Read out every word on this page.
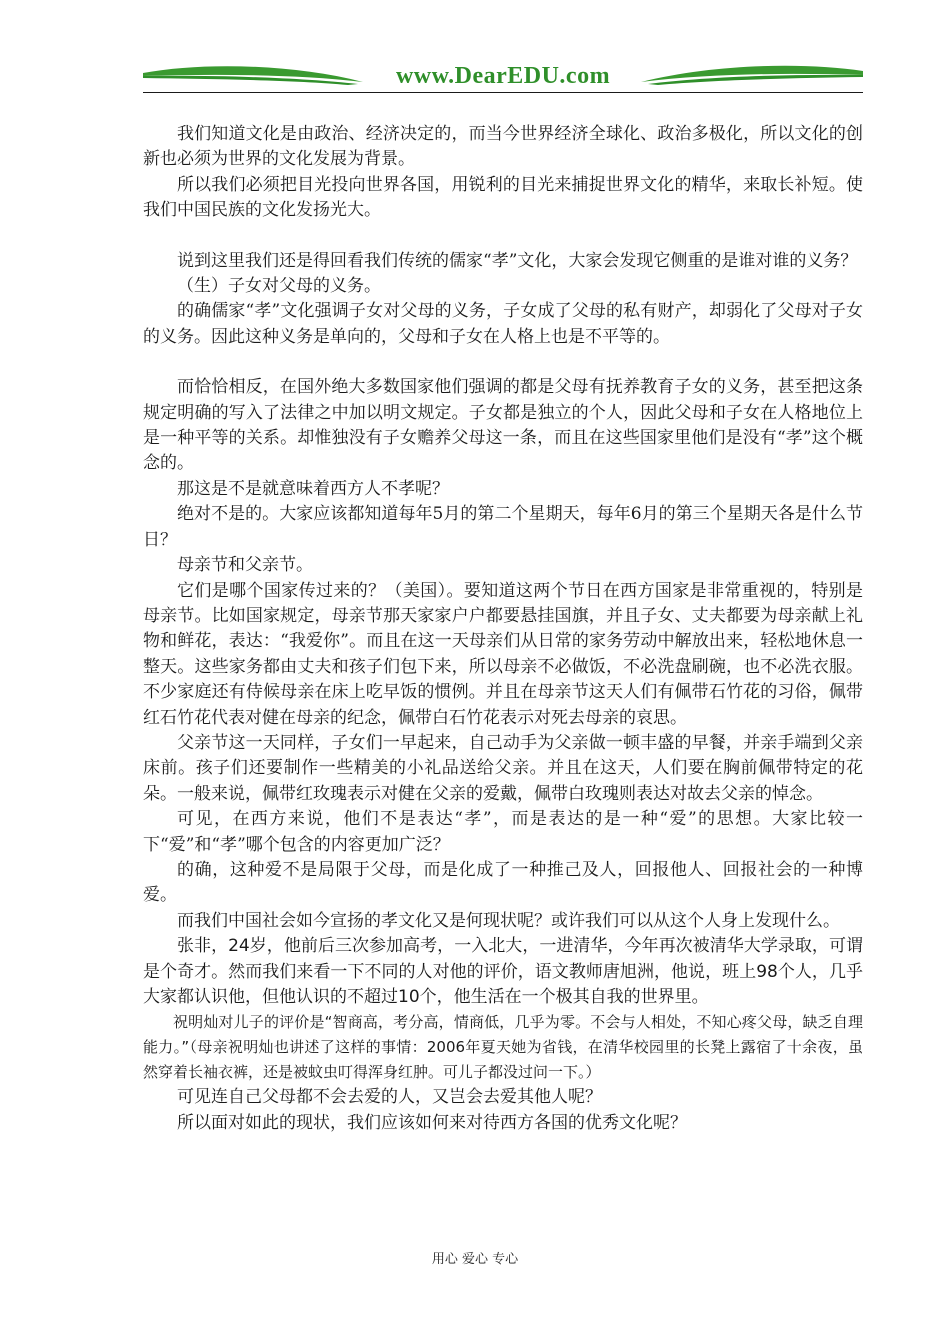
www.DearEDU.com

我们知道文化是由政治、经济决定的，而当今世界经济全球化、政治多极化，所以文化的创新也必须为世界的文化发展为背景。

所以我们必须把目光投向世界各国，用锐利的目光来捕捉世界文化的精华，来取长补短。使我们中国民族的文化发扬光大。

说到这里我们还是得回看我们传统的儒家“孝”文化，大家会发现它侧重的是谁对谁的义务？

（生）子女对父母的义务。

的确儒家“孝”文化强调子女对父母的义务，子女成了父母的私有财产，却弱化了父母对子女的义务。因此这种义务是单向的，父母和子女在人格上也是不平等的。

而恰恰相反，在国外绝大多数国家他们强调的都是父母有抚养教育子女的义务，甚至把这条规定明确的写入了法律之中加以明文规定。子女都是独立的个人，因此父母和子女在人格地位上是一种平等的关系。却惟独没有子女赡养父母这一条，而且在这些国家里他们是没有“孝”这个概念的。

那这是不是就意味着西方人不孝呢？

绝对不是的。大家应该都知道每年5月的第二个星期天，每年6月的第三个星期天各是什么节日？

母亲节和父亲节。

它们是哪个国家传过来的？（美国）。要知道这两个节日在西方国家是非常重视的，特别是母亲节。比如国家规定，母亲节那天家家户户都要悬挂国旗，并且子女、丈夫都要为母亲献上礼物和鲜花，表达：“我爱你”。而且在这一天母亲们从日常的家务劳动中解放出来，轻松地休息一整天。这些家务都由丈夫和孩子们包下来，所以母亲不必做饭，不必洗盘刷碗，也不必洗衣服。不少家庭还有侍候母亲在床上吃早饭的惯例。并且在母亲节这天人们有佩带石竹花的习俗，佩带红石竹花代表对健在母亲的纪念，佩带白石竹花表示对死去母亲的哀思。

父亲节这一天同样，子女们一早起来，自己动手为父亲做一顿丰盛的早餐，并亲手端到父亲床前。孩子们还要制作一些精美的小礼品送给父亲。并且在这天，人们要在胸前佩带特定的花朵。一般来说，佩带红玫瑰表示对健在父亲的爱戴，佩带白玫瑰则表达对故去父亲的悼念。

可见，在西方来说，他们不是表达“孝”，而是表达的是一种“爱”的思想。大家比较一下“爱”和“孝”哪个包含的内容更加广泛？

的确，这种爱不是局限于父母，而是化成了一种推己及人，回报他人、回报社会的一种博爱。

而我们中国社会如今宣扬的孝文化又是何现状呢？或许我们可以从这个人身上发现什么。

张非，24岁，他前后三次参加高考，一入北大，一进清华，今年再次被清华大学录取，可谓是个奇才。然而我们来看一下不同的人对他的评价，语文教师唐旭洲，他说，班上98个人，几乎大家都认识他，但他认识的不超过10个，他生活在一个极其自我的世界里。

祝明灿对儿子的评价是“智商高，考分高，情商低，几乎为零。不会与人相处，不知心疼父母，缺乏自理能力。”（母亲祝明灿也讲述了这样的事情：2006年夏天她为省钱，在清华校园里的长凳上露宿了十余夜，虽然穿着长袖衣裤，还是被蚊虫叮得浑身红肿。可儿子都没过问一下。）

可见连自己父母都不会去爱的人，又岂会去爱其他人呢？

所以面对如此的现状，我们应该如何来对待西方各国的优秀文化呢？

用心 爱心 专心
